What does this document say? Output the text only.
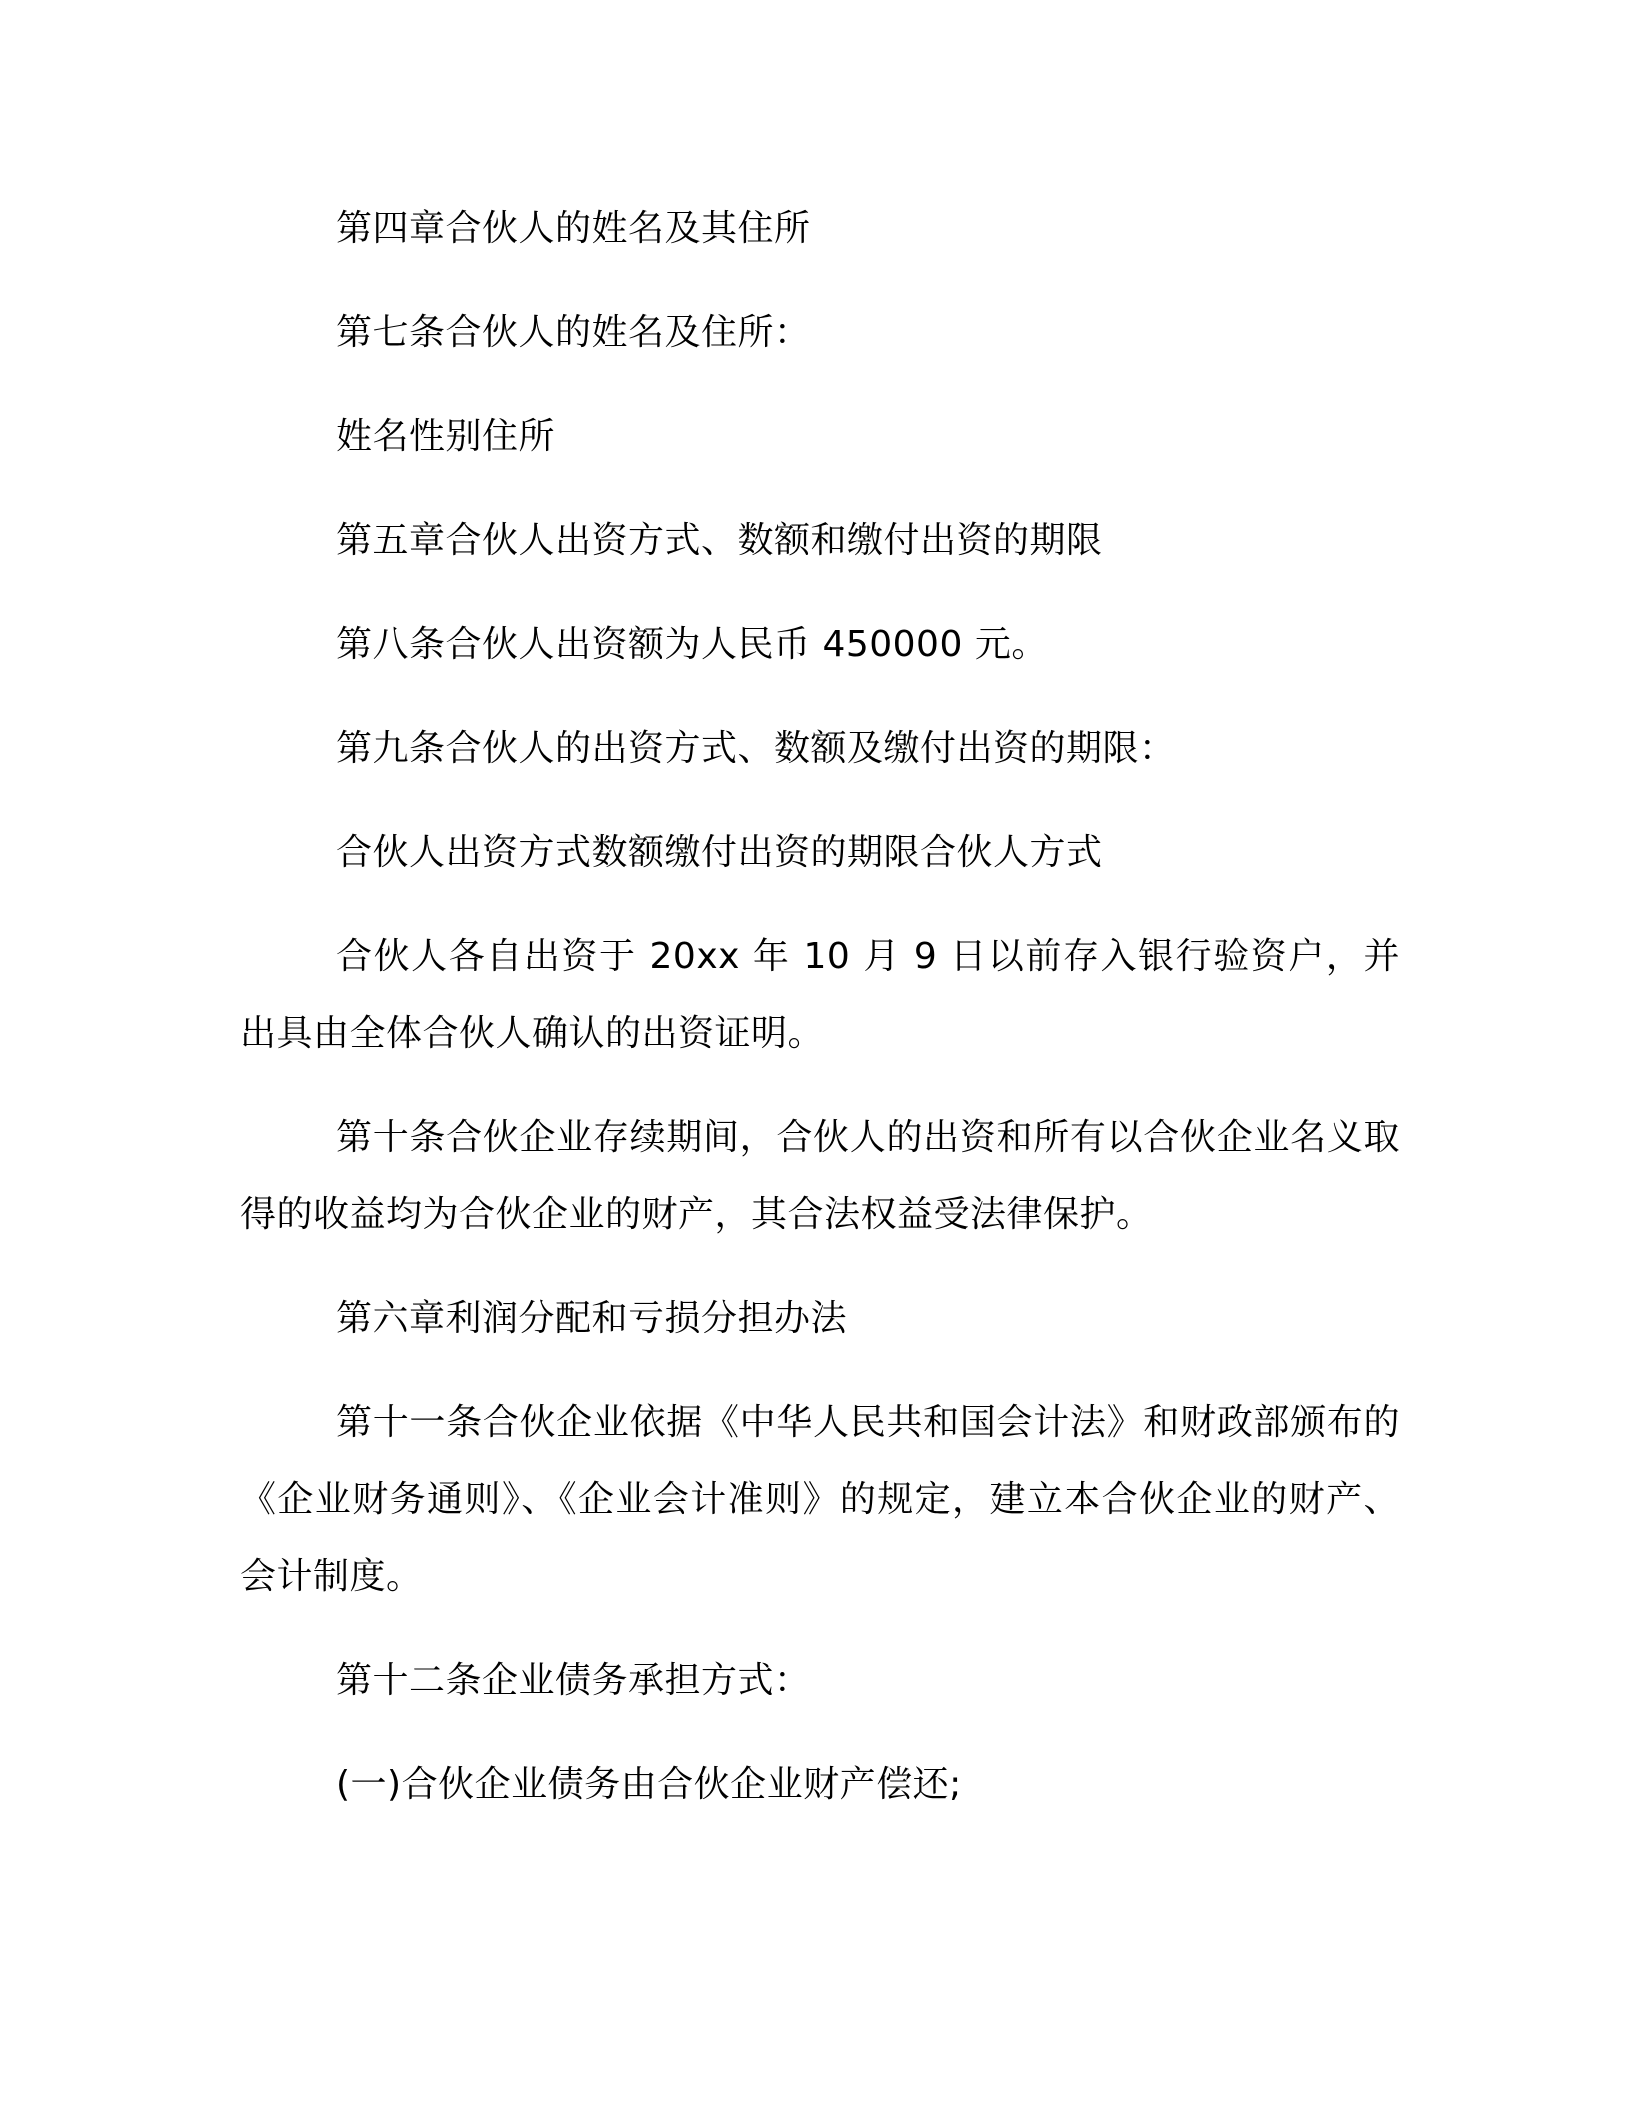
第四章合伙人的姓名及其住所

第七条合伙人的姓名及住所：

姓名性别住所

第五章合伙人出资方式、数额和缴付出资的期限

第八条合伙人出资额为人民币 450000 元。

第九条合伙人的出资方式、数额及缴付出资的期限：

合伙人出资方式数额缴付出资的期限合伙人方式

合伙人各自出资于 20xx 年 10 月 9 日以前存入银行验资户，并出具由全体合伙人确认的出资证明。

第十条合伙企业存续期间，合伙人的出资和所有以合伙企业名义取得的收益均为合伙企业的财产，其合法权益受法律保护。

第六章利润分配和亏损分担办法

第十一条合伙企业依据《中华人民共和国会计法》和财政部颁布的《企业财务通则》、《企业会计准则》的规定，建立本合伙企业的财产、会计制度。

第十二条企业债务承担方式：

(一)合伙企业债务由合伙企业财产偿还;
